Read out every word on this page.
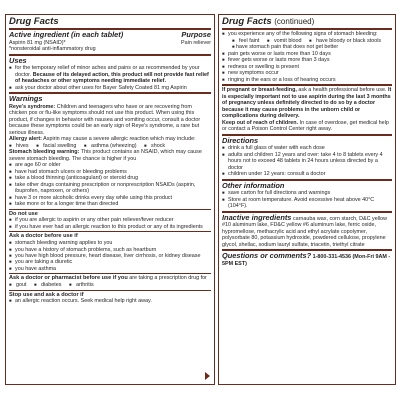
Drug Facts
Active ingredient (in each tablet)	Purpose
Aspirin 81 mg (NSAID)*	Pain reliever
*nonsteroidal anti-inflammatory drug
Uses
■ for the temporary relief of minor aches and pains or as recommended by your doctor. Because of its delayed action, this product will not provide fast relief of headaches or other symptoms needing immediate relief.
■ ask your doctor about other uses for Bayer Safety Coated 81 mg Aspirin
Warnings

Reye's syndrome: Children and teenagers who have or are recovering from chicken pox or flu-like symptoms should not use this product. When using this product, if changes in behavior with nausea and vomiting occur, consult a doctor because these symptoms could be an early sign of Reye's syndrome, a rare but serious illness.

Allergy alert: Aspirin may cause a severe allergic reaction which may include:

■ hives ■ facial swelling ■ asthma (wheezing) ■ shock

Stomach bleeding warning: This product contains an NSAID, which may cause severe stomach bleeding. The chance is higher if you

■ are age 60 or older
■ have had stomach ulcers or bleeding problems
■ take a blood thinning (anticoagulant) or steroid drug
■ take other drugs containing prescription or nonprescription NSAIDs (aspirin, ibuprofen, naproxen, or others)
■ have 3 or more alcoholic drinks every day while using this product
■ take more or for a longer time than directed
Do not use
■ if you are allergic to aspirin or any other pain reliever/fever reducer
■ if you have ever had an allergic reaction to this product or any of its ingredients
Ask a doctor before use if
■ stomach bleeding warning applies to you
■ you have a history of stomach problems, such as heartburn
■ you have high blood pressure, heart disease, liver cirrhosis, or kidney disease
■ you are taking a diuretic
■ you have asthma

Ask a doctor or pharmacist before use if you are taking a prescription drug for

■ gout ■ diabetes ■ arthritis

Stop use and ask a doctor if
■ an allergic reaction occurs. Seek medical help right away.
Drug Facts (continued)
■ you experience any of the following signs of stomach bleeding:

■ feel faint ■ vomit blood ■ have bloody or black stools

■ have stomach pain that does not get better

■ pain gets worse or lasts more than 10 days
■ fever gets worse or lasts more than 3 days
■ redness or swelling is present
■ new symptoms occur
■ ringing in the ears or a loss of hearing occurs

If pregnant or breast-feeding, ask a health professional before use. It is especially important not to use aspirin during the last 3 months of pregnancy unless definitely directed to do so by a doctor because it may cause problems in the unborn child or complications during delivery.

Keep out of reach of children. In case of overdose, get medical help or contact a Poison Control Center right away.

Directions
■ drink a full glass of water with each dose
■ adults and children 12 years and over: take 4 to 8 tablets every 4 hours not to exceed 48 tablets in 24 hours unless directed by a doctor
■ children under 12 years: consult a doctor
Other information
■ save carton for full directions and warnings
■ Store at room temperature. Avoid excessive heat above 40°C (104°F).

Inactive ingredients carnauba wax, corn starch, D&C yellow #10 aluminum lake, FD&C yellow #6 aluminum lake, ferric oxide, hypromellose, methacrylic acid and ethyl acrylate copolymer, polysorbate 80, potassium hydroxide, powdered cellulose, propylene glycol, shellac, sodium lauryl sulfate, triacetin, triethyl citrate

Questions or comments? 1-800-331-4536 (Mon-Fri 9AM - 5PM EST)
